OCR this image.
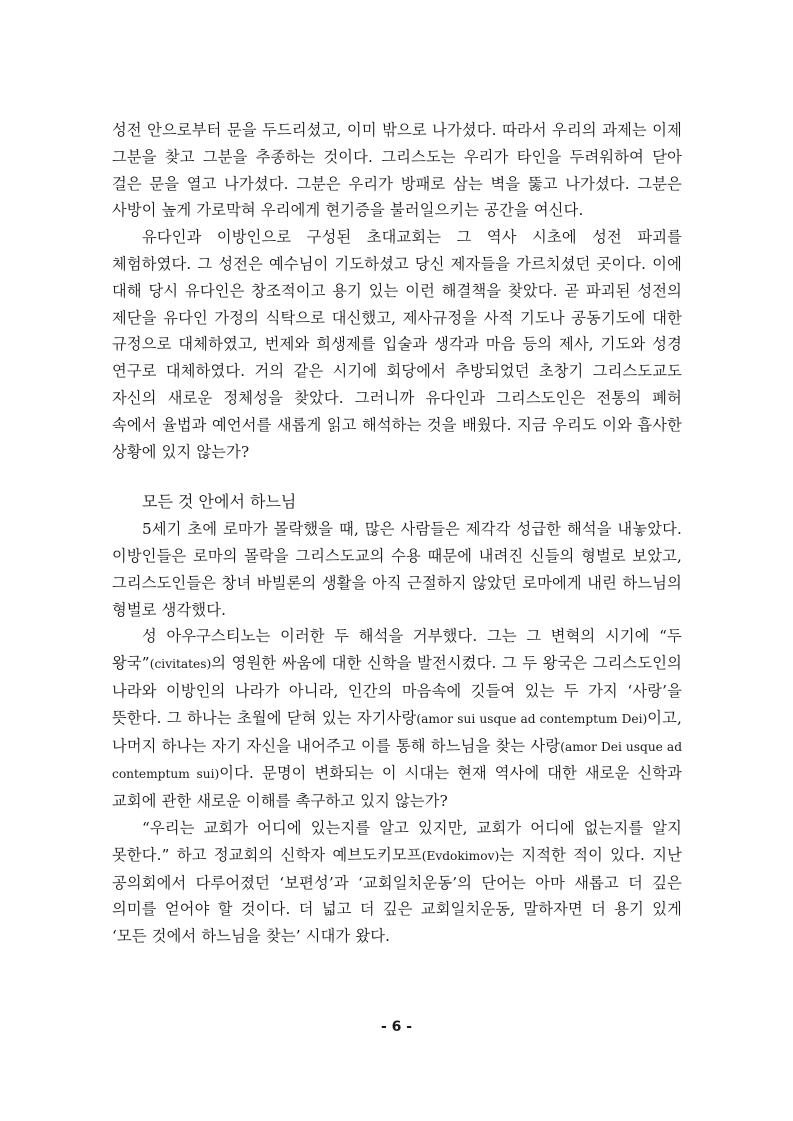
성전 안으로부터 문을 두드리셨고, 이미 밖으로 나가셨다. 따라서 우리의 과제는 이제 그분을 찾고 그분을 추종하는 것이다. 그리스도는 우리가 타인을 두려워하여 닫아 걸은 문을 열고 나가셨다. 그분은 우리가 방패로 삼는 벽을 뚫고 나가셨다. 그분은 사방이 높게 가로막혀 우리에게 현기증을 불러일으키는 공간을 여신다.

유다인과 이방인으로 구성된 초대교회는 그 역사 시초에 성전 파괴를 체험하였다. 그 성전은 예수님이 기도하셨고 당신 제자들을 가르치셨던 곳이다. 이에 대해 당시 유다인은 창조적이고 용기 있는 이런 해결책을 찾았다. 곧 파괴된 성전의 제단을 유다인 가정의 식탁으로 대신했고, 제사규정을 사적 기도나 공동기도에 대한 규정으로 대체하였고, 번제와 희생제를 입술과 생각과 마음 등의 제사, 기도와 성경 연구로 대체하였다. 거의 같은 시기에 회당에서 추방되었던 초창기 그리스도교도 자신의 새로운 정체성을 찾았다. 그러니까 유다인과 그리스도인은 전통의 폐허 속에서 율법과 예언서를 새롭게 읽고 해석하는 것을 배웠다. 지금 우리도 이와 흡사한 상황에 있지 않는가?

모든 것 안에서 하느님

5세기 초에 로마가 몰락했을 때, 많은 사람들은 제각각 성급한 해석을 내놓았다. 이방인들은 로마의 몰락을 그리스도교의 수용 때문에 내려진 신들의 형벌로 보았고, 그리스도인들은 창녀 바빌론의 생활을 아직 근절하지 않았던 로마에게 내린 하느님의 형벌로 생각했다.

성 아우구스티노는 이러한 두 해석을 거부했다. 그는 그 변혁의 시기에 “두 왕국”(civitates)의 영원한 싸움에 대한 신학을 발전시켰다. 그 두 왕국은 그리스도인의 나라와 이방인의 나라가 아니라, 인간의 마음속에 깃들여 있는 두 가지 ‘사랑’을 뜻한다. 그 하나는 초월에 닫혀 있는 자기사랑(amor sui usque ad contemptum Dei)이고, 나머지 하나는 자기 자신을 내어주고 이를 통해 하느님을 찾는 사랑(amor Dei usque ad contemptum sui)이다. 문명이 변화되는 이 시대는 현재 역사에 대한 새로운 신학과 교회에 관한 새로운 이해를 촉구하고 있지 않는가?

“우리는 교회가 어디에 있는지를 알고 있지만, 교회가 어디에 없는지를 알지 못한다.” 하고 정교회의 신학자 예브도키모프(Evdokimov)는 지적한 적이 있다. 지난 공의회에서 다루어졌던 ‘보편성’과 ‘교회일치운동’의 단어는 아마 새롭고 더 깊은 의미를 얻어야 할 것이다. 더 넓고 더 깊은 교회일치운동, 말하자면 더 용기 있게 ‘모든 것에서 하느님을 찾는’ 시대가 왔다.

- 6 -
